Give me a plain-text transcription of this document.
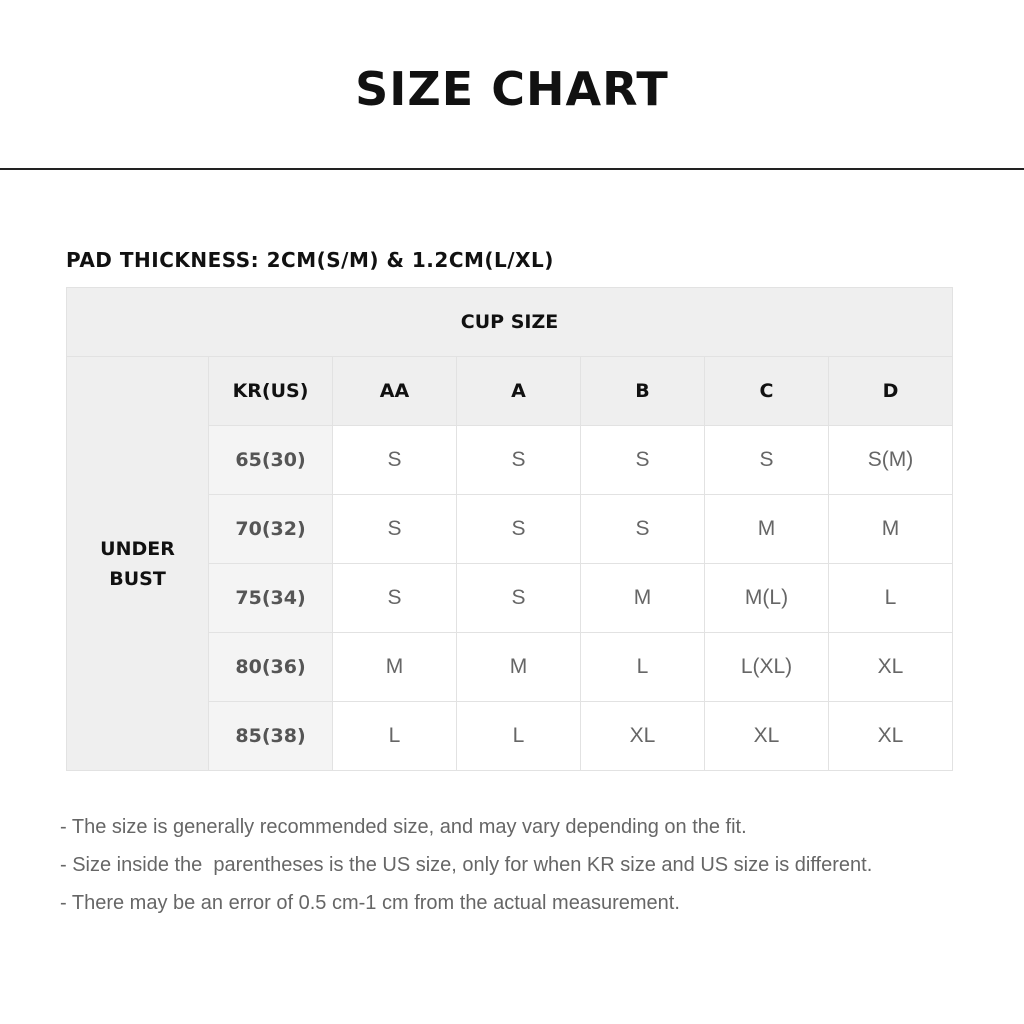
SIZE CHART
PAD THICKNESS: 2CM(S/M) & 1.2CM(L/XL)
CUP SIZE						

UNDER
BUST	KR(US)	AA	A	B	C	D
	65(30)	S	S	S	S	S(M)
	70(32)	S	S	S	M	M
	75(34)	S	S	M	M(L)	L
	80(36)	M	M	L	L(XL)	XL
	85(38)	L	L	XL	XL	XL
- The size is generally recommended size, and may vary depending on the fit.
- Size inside the  parentheses is the US size, only for when KR size and US size is different.
- There may be an error of 0.5 cm-1 cm from the actual measurement.
